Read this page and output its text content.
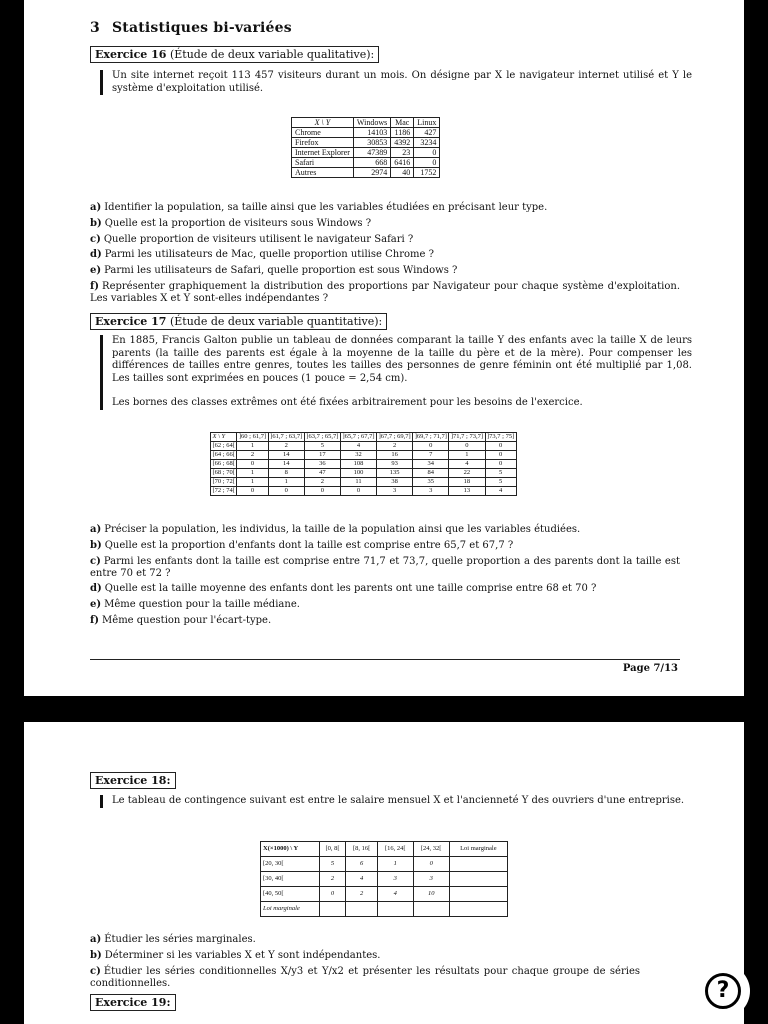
3 Statistiques bi-variées
Exercice 16 (Étude de deux variable qualitative):

Un site internet reçoit 113 457 visiteurs durant un mois. On désigne par X le navigateur internet utilisé et Y le système d'exploitation utilisé.

X \ Y	Windows	Mac	Linux
Chrome	14103	1186	427
Firefox	30853	4392	3234
Internet Explorer	47389	23	0
Safari	668	6416	0
Autres	2974	40	1752
a) Identifier la population, sa taille ainsi que les variables étudiées en précisant leur type.
b) Quelle est la proportion de visiteurs sous Windows ?
c) Quelle proportion de visiteurs utilisent le navigateur Safari ?
d) Parmi les utilisateurs de Mac, quelle proportion utilise Chrome ?
e) Parmi les utilisateurs de Safari, quelle proportion est sous Windows ?
f) Représenter graphiquement la distribution des proportions par Navigateur pour chaque système d'exploitation. Les variables X et Y sont-elles indépendantes ?
Exercice 17 (Étude de deux variable quantitative):

En 1885, Francis Galton publie un tableau de données comparant la taille Y des enfants avec la taille X de leurs parents (la taille des parents est égale à la moyenne de la taille du père et de la mère). Pour compenser les différences de tailles entre genres, toutes les tailles des personnes de genre féminin ont été multiplié par 1,08. Les tailles sont exprimées en pouces (1 pouce = 2,54 cm).

Les bornes des classes extrêmes ont été fixées arbitrairement pour les besoins de l'exercice.

X \ Y	]60 ; 61,7]	]61,7 ; 63,7]	]63,7 ; 65,7]	]65,7 ; 67,7]	]67,7 ; 69,7]	]69,7 ; 71,7]	]71,7 ; 73,7]	]73,7 ; 75]
[62 ; 64[	1	2	5	4	2	0	0	0
[64 ; 66[	2	14	17	32	16	7	1	0
[66 ; 68[	0	14	36	108	93	34	4	0
[68 ; 70[	1	8	47	100	135	84	22	5
[70 ; 72[	1	1	2	11	38	35	18	5
[72 ; 74[	0	0	0	0	3	3	13	4
a) Préciser la population, les individus, la taille de la population ainsi que les variables étudiées.
b) Quelle est la proportion d'enfants dont la taille est comprise entre 65,7 et 67,7 ?
c) Parmi les enfants dont la taille est comprise entre 71,7 et 73,7, quelle proportion a des parents dont la taille est entre 70 et 72 ?
d) Quelle est la taille moyenne des enfants dont les parents ont une taille comprise entre 68 et 70 ?
e) Même question pour la taille médiane.
f) Même question pour l'écart-type.
Page 7/13
Exercice 18:

Le tableau de contingence suivant est entre le salaire mensuel X et l'ancienneté Y des ouvriers d'une entreprise.

X(×1000) \ Y	[0, 8[	[8, 16[	[16, 24[	[24, 32[	Loi marginale
[20, 30[	5	6	1	0	
[30, 40[	2	4	3	3	
[40, 50[	0	2	4	10	
Loi marginale					
a) Étudier les séries marginales.
b) Déterminer si les variables X et Y sont indépendantes.
c) Étudier les séries conditionnelles X/y3 et Y/x2 et présenter les résultats pour chaque groupe de séries conditionnelles.
Exercice 19:	?
